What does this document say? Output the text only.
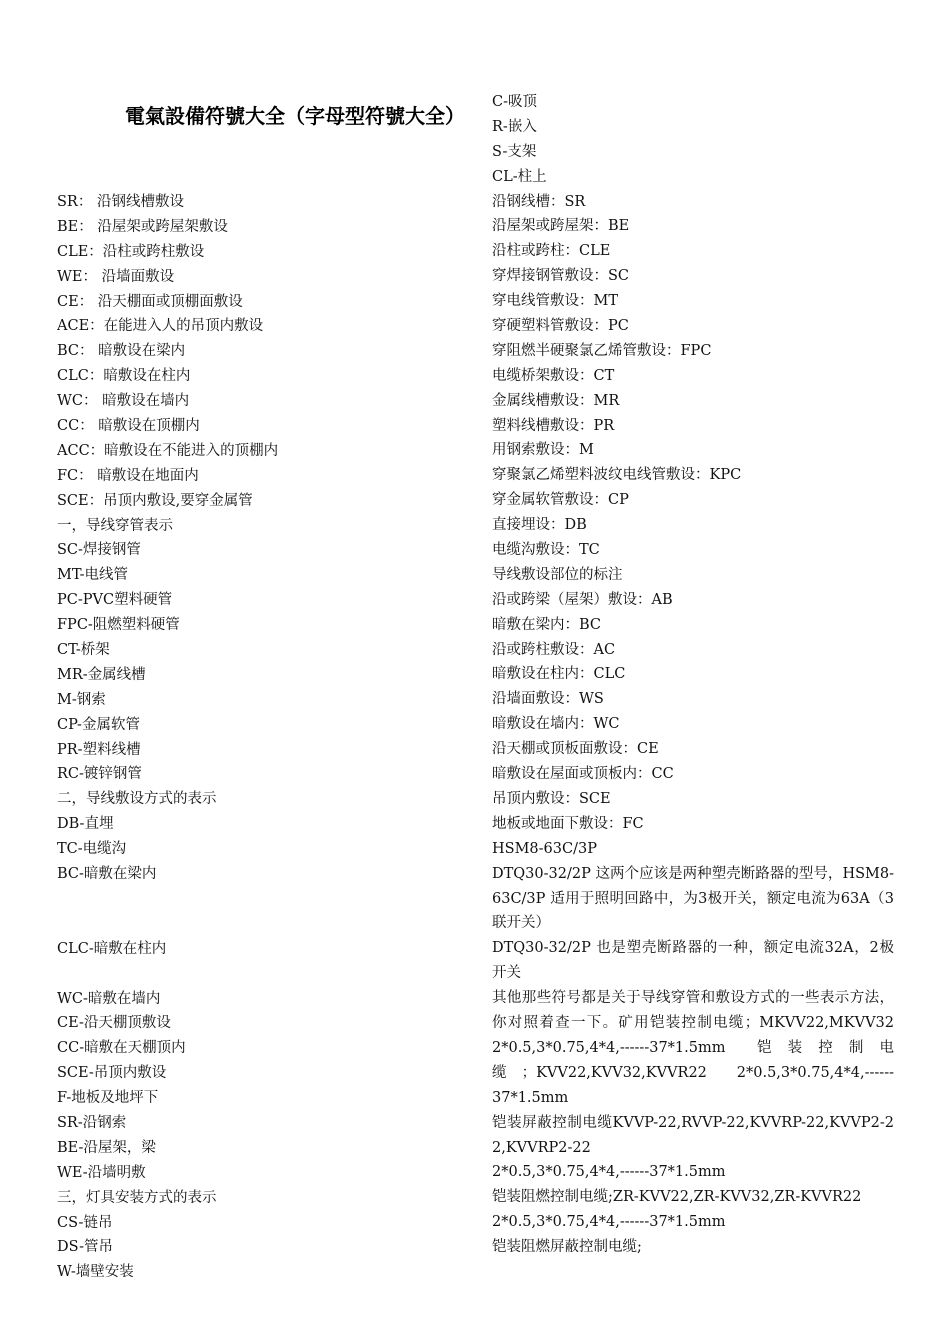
電氣設備符號大全（字母型符號大全）
SR： 沿钢线槽敷设
BE： 沿屋架或跨屋架敷设
CLE：沿柱或跨柱敷设
WE： 沿墙面敷设
CE： 沿天棚面或顶棚面敷设
ACE：在能进入人的吊顶内敷设
BC： 暗敷设在梁内
CLC：暗敷设在柱内
WC： 暗敷设在墙内
CC： 暗敷设在顶棚内
ACC：暗敷设在不能进入的顶棚内
FC： 暗敷设在地面内
SCE：吊顶内敷设,要穿金属管
一，导线穿管表示
SC-焊接钢管
MT-电线管
PC-PVC塑料硬管
FPC-阻燃塑料硬管
CT-桥架
MR-金属线槽
M-钢索
CP-金属软管
PR-塑料线槽
RC-镀锌钢管
二，导线敷设方式的表示
DB-直埋
TC-电缆沟
BC-暗敷在梁内
CLC-暗敷在柱内
WC-暗敷在墙内
CE-沿天棚顶敷设
CC-暗敷在天棚顶内
SCE-吊顶内敷设
F-地板及地坪下
SR-沿钢索
BE-沿屋架，梁
WE-沿墙明敷
三，灯具安装方式的表示
CS-链吊
DS-管吊
W-墙壁安装
C-吸顶
R-嵌入
S-支架
CL-柱上
沿钢线槽：SR
沿屋架或跨屋架：BE
沿柱或跨柱：CLE
穿焊接钢管敷设：SC
穿电线管敷设：MT
穿硬塑料管敷设：PC
穿阻燃半硬聚氯乙烯管敷设：FPC
电缆桥架敷设：CT
金属线槽敷设：MR
塑料线槽敷设：PR
用钢索敷设：M
穿聚氯乙烯塑料波纹电线管敷设：KPC
穿金属软管敷设：CP
直接埋设：DB
电缆沟敷设：TC
导线敷设部位的标注
沿或跨梁（屋架）敷设：AB
暗敷在梁内：BC
沿或跨柱敷设：AC
暗敷设在柱内：CLC
沿墙面敷设：WS
暗敷设在墙内：WC
沿天棚或顶板面敷设：CE
暗敷设在屋面或顶板内：CC
吊顶内敷设：SCE
地板或地面下敷设：FC
HSM8-63C/3P
DTQ30-32/2P 这两个应该是两种塑壳断路器的型号，HSM8-63C/3P 适用于照明回路中，为3极开关，额定电流为63A（3联开关）
DTQ30-32/2P 也是塑壳断路器的一种，额定电流32A，2极开关
其他那些符号都是关于导线穿管和敷设方式的一些表示方法，你对照着查一下。矿用铠装控制电缆；MKVV22,MKVV32　　2*0.5,3*0.75,4*4,------37*1.5mm　　铠　装　控　制　电　缆　；KVV22,KVV32,KVVR22　　2*0.5,3*0.75,4*4,------37*1.5mm
铠装屏蔽控制电缆KVVP-22,RVVP-22,KVVRP-22,KVVP2-22,KVVRP2-22
2*0.5,3*0.75,4*4,------37*1.5mm
铠装阻燃控制电缆;ZR-KVV22,ZR-KVV32,ZR-KVVR22
2*0.5,3*0.75,4*4,------37*1.5mm
铠装阻燃屏蔽控制电缆;
